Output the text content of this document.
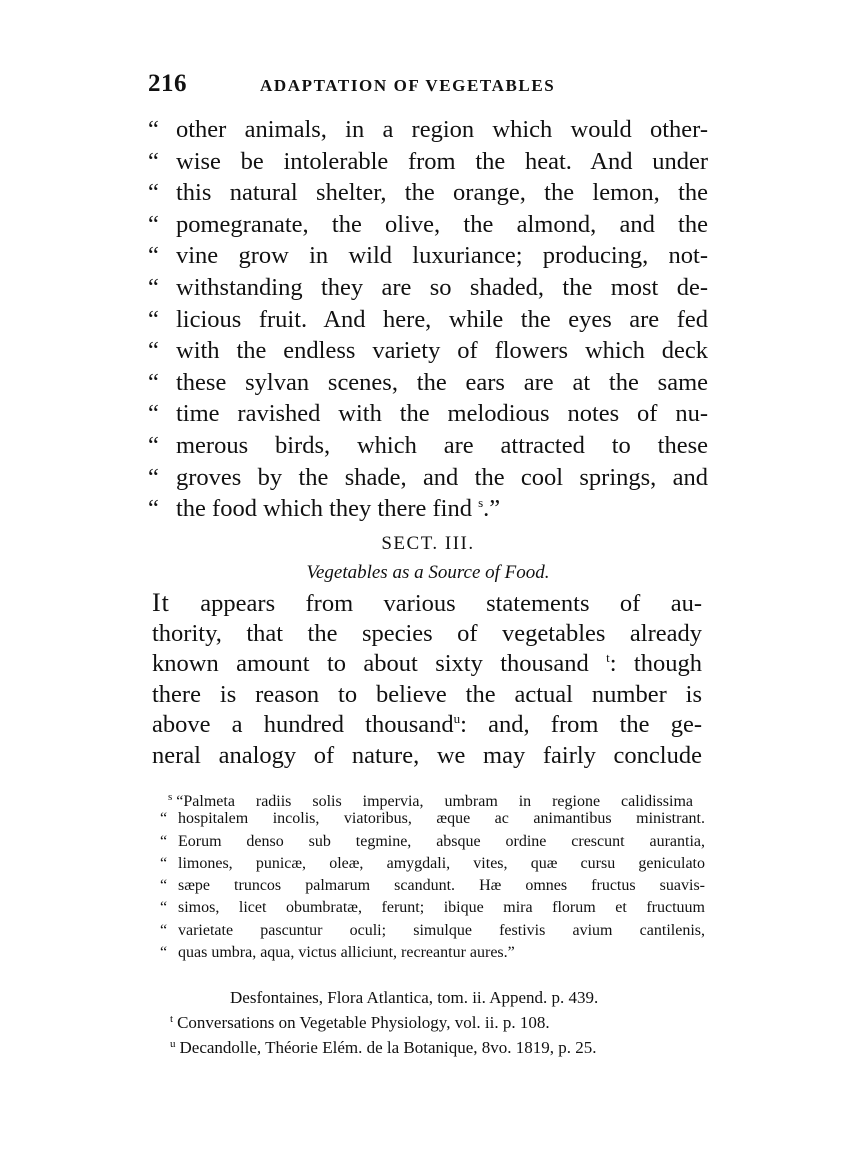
216	ADAPTATION OF VEGETABLES
“ other animals, in a region which would other-
“ wise be intolerable from the heat. And under
“ this natural shelter, the orange, the lemon, the
“ pomegranate, the olive, the almond, and the
“ vine grow in wild luxuriance; producing, not-
“ withstanding they are so shaded, the most de-
“ licious fruit. And here, while the eyes are fed
“ with the endless variety of flowers which deck
“ these sylvan scenes, the ears are at the same
“ time ravished with the melodious notes of nu-
“ merous birds, which are attracted to these
“ groves by the shade, and the cool springs, and
“ the food which they there find $^s$.”
SECT. III.
Vegetables as a Source of Food.
It appears from various statements of au-
thority, that the species of vegetables already
known amount to about sixty thousand $^t$: though
there is reason to believe the actual number is
above a hundred thousand$^u$: and, from the ge-
neral analogy of nature, we may fairly conclude
$^s$ “Palmeta radiis solis impervia, umbram in regione calidissima
“ hospitalem incolis, viatoribus, æque ac animantibus ministrant.
“ Eorum denso sub tegmine, absque ordine crescunt aurantia,
“ limones, punicæ, oleæ, amygdali, vites, quæ cursu geniculato
“ sæpe truncos palmarum scandunt. Hæ omnes fructus suavis-
“ simos, licet obumbratæ, ferunt; ibique mira florum et fructuum
“ varietate pascuntur oculi; simulque festivis avium cantilenis,
“ quas umbra, aqua, victus alliciunt, recreantur aures.”
Desfontaines, Flora Atlantica, tom. ii. Append. p. 439.
$^t$ Conversations on Vegetable Physiology, vol. ii. p. 108.
$^u$ Decandolle, Théorie Elém. de la Botanique, 8vo. 1819, p. 25.
